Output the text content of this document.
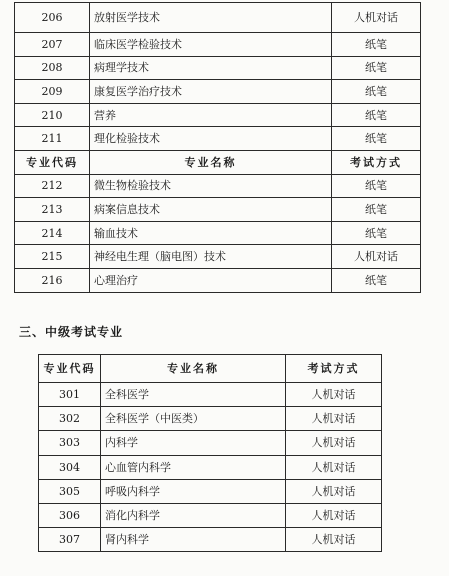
206	放射医学技术	人机对话
207	临床医学检验技术	纸笔
208	病理学技术	纸笔
209	康复医学治疗技术	纸笔
210	营养	纸笔
211	理化检验技术	纸笔
专业代码	专业名称	考试方式
212	微生物检验技术	纸笔
213	病案信息技术	纸笔
214	输血技术	纸笔
215	神经电生理（脑电图）技术	人机对话
216	心理治疗	纸笔
三、中级考试专业
专业代码	专业名称	考试方式
301	全科医学	人机对话
302	全科医学（中医类）	人机对话
303	内科学	人机对话
304	心血管内科学	人机对话
305	呼吸内科学	人机对话
306	消化内科学	人机对话
307	肾内科学	人机对话
